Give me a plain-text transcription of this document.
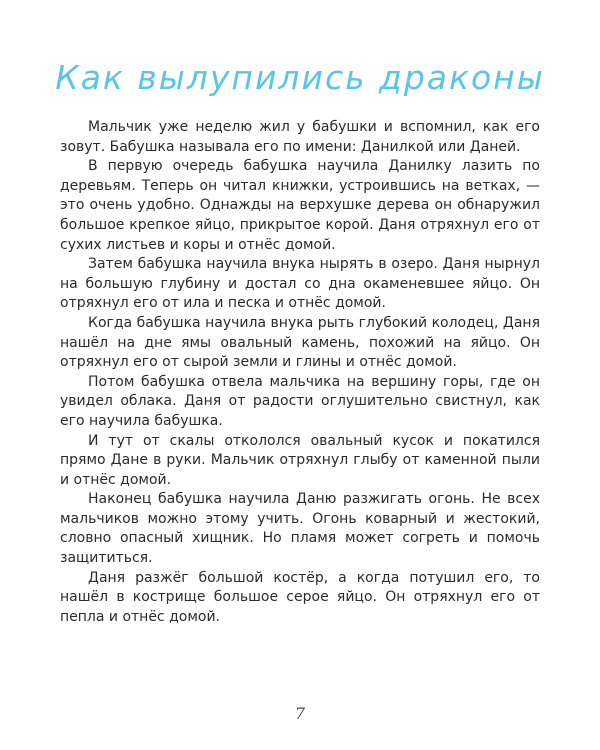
Как вылупились драконы

Мальчик уже неделю жил у бабушки и вспомнил, как его зовут. Бабушка называла его по имени: Данилкой или Даней.

В первую очередь бабушка научила Данилку лазить по деревьям. Теперь он читал книжки, устроившись на ветках, — это очень удобно. Однажды на верхушке дерева он обнаружил большое крепкое яйцо, прикрытое корой. Даня отряхнул его от сухих листьев и коры и отнёс домой.

Затем бабушка научила внука нырять в озеро. Даня нырнул на большую глубину и достал со дна окаменевшее яйцо. Он отряхнул его от ила и песка и отнёс домой.

Когда бабушка научила внука рыть глубокий колодец, Даня нашёл на дне ямы овальный камень, похожий на яйцо. Он отряхнул его от сырой земли и глины и отнёс домой.

Потом бабушка отвела мальчика на вершину горы, где он увидел облака. Даня от радости оглушительно свистнул, как его научила бабушка.

И тут от скалы откололся овальный кусок и покатился прямо Дане в руки. Мальчик отряхнул глыбу от каменной пыли и отнёс домой.

Наконец бабушка научила Даню разжигать огонь. Не всех мальчиков можно этому учить. Огонь коварный и жестокий, словно опасный хищник. Но пламя может согреть и помочь защититься.

Даня разжёг большой костёр, а когда потушил его, то нашёл в кострище большое серое яйцо. Он отряхнул его от пепла и отнёс домой.

7
